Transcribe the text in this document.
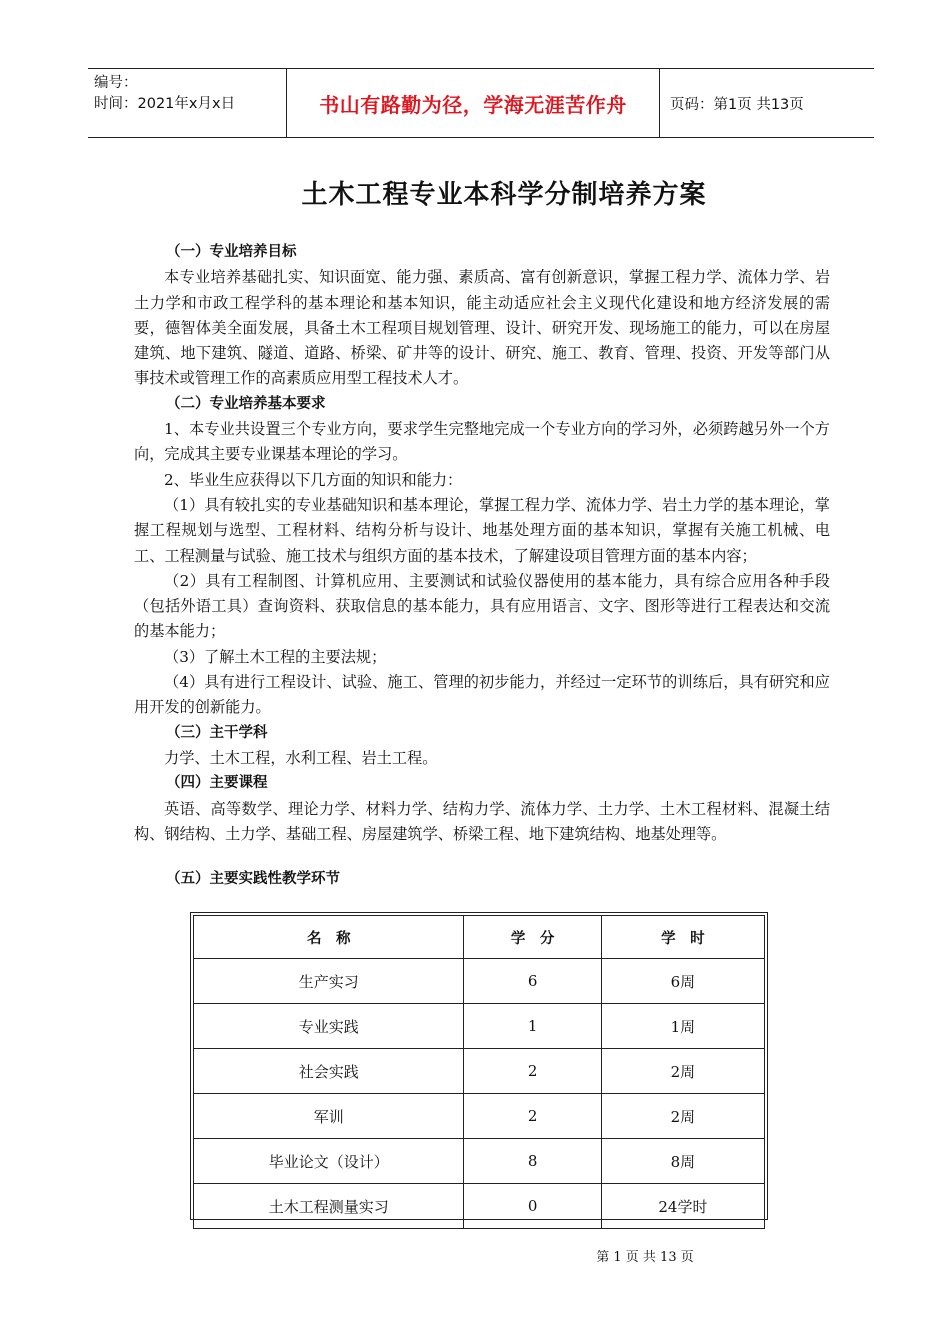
编号：
时间：2021年x月x日	书山有路勤为径，学海无涯苦作舟	页码：第1页 共13页
土木工程专业本科学分制培养方案

（一）专业培养目标

本专业培养基础扎实、知识面宽、能力强、素质高、富有创新意识，掌握工程力学、流体力学、岩土力学和市政工程学科的基本理论和基本知识，能主动适应社会主义现代化建设和地方经济发展的需要，德智体美全面发展，具备土木工程项目规划管理、设计、研究开发、现场施工的能力，可以在房屋建筑、地下建筑、隧道、道路、桥梁、矿井等的设计、研究、施工、教育、管理、投资、开发等部门从事技术或管理工作的高素质应用型工程技术人才。

（二）专业培养基本要求

1、本专业共设置三个专业方向，要求学生完整地完成一个专业方向的学习外，必须跨越另外一个方向，完成其主要专业课基本理论的学习。

2、毕业生应获得以下几方面的知识和能力：

（1）具有较扎实的专业基础知识和基本理论，掌握工程力学、流体力学、岩土力学的基本理论，掌握工程规划与选型、工程材料、结构分析与设计、地基处理方面的基本知识，掌握有关施工机械、电工、工程测量与试验、施工技术与组织方面的基本技术，了解建设项目管理方面的基本内容；

（2）具有工程制图、计算机应用、主要测试和试验仪器使用的基本能力，具有综合应用各种手段（包括外语工具）查询资料、获取信息的基本能力，具有应用语言、文字、图形等进行工程表达和交流的基本能力；

（3）了解土木工程的主要法规；

（4）具有进行工程设计、试验、施工、管理的初步能力，并经过一定环节的训练后，具有研究和应用开发的创新能力。

（三）主干学科

力学、土木工程，水利工程、岩土工程。

（四）主要课程

英语、高等数学、理论力学、材料力学、结构力学、流体力学、土力学、土木工程材料、混凝土结构、钢结构、土力学、基础工程、房屋建筑学、桥梁工程、地下建筑结构、地基处理等。

（五）主要实践性教学环节

名　称	学　分	学　时
生产实习	6	6周
专业实践	1	1周
社会实践	2	2周
军训	2	2周
毕业论文（设计）	8	8周
土木工程测量实习	0	24学时
第 1 页 共 13 页
